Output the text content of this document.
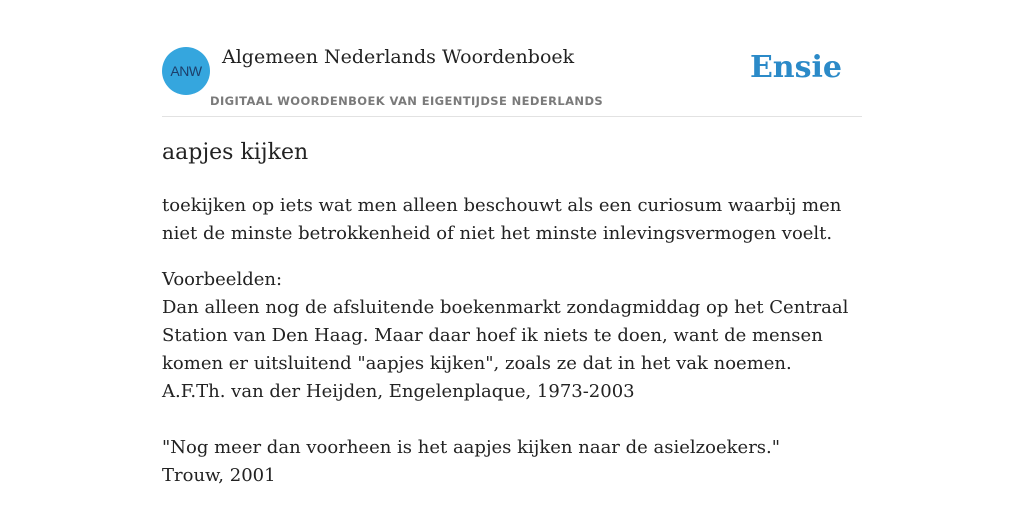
ANW
Algemeen Nederlands Woordenboek
DIGITAAL WOORDENBOEK VAN EIGENTIJDSE NEDERLANDS
Ensie
aapjes kijken

toekijken op iets wat men alleen beschouwt als een curiosum waarbij men niet de minste betrokkenheid of niet het minste inlevingsvermogen voelt.

Voorbeelden:
Dan alleen nog de afsluitende boekenmarkt zondagmiddag op het Centraal Station van Den Haag. Maar daar hoef ik niets te doen, want de mensen komen er uitsluitend "aapjes kijken", zoals ze dat in het vak noemen.
A.F.Th. van der Heijden, Engelenplaque, 1973-2003
"Nog meer dan voorheen is het aapjes kijken naar de asielzoekers."
Trouw, 2001
